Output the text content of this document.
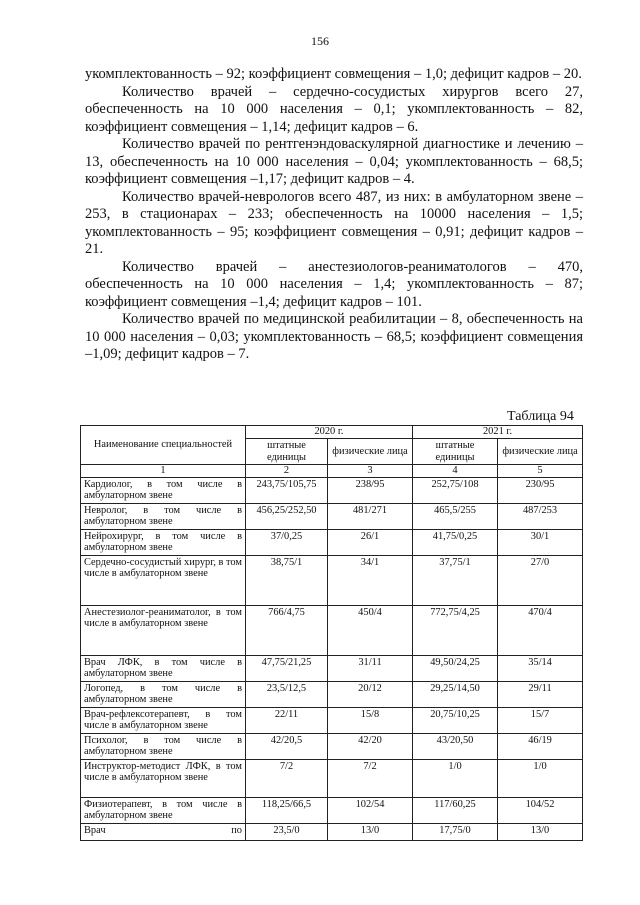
156

укомплектованность – 92; коэффициент совмещения – 1,0; дефицит кадров – 20.

Количество врачей – сердечно-сосудистых хирургов всего 27, обеспеченность на 10 000 населения – 0,1; укомплектованность – 82, коэффициент совмещения – 1,14; дефицит кадров – 6.

Количество врачей по рентгенэндоваскулярной диагностике и лечению – 13, обеспеченность на 10 000 населения – 0,04; укомплектованность – 68,5; коэффициент совмещения –1,17; дефицит кадров – 4.

Количество врачей-неврологов всего 487, из них: в амбулаторном звене – 253, в стационарах – 233; обеспеченность на 10000 населения – 1,5; укомплектованность – 95; коэффициент совмещения – 0,91; дефицит кадров – 21.

Количество врачей – анестезиологов-реаниматологов – 470, обеспеченность на 10 000 населения – 1,4; укомплектованность – 87; коэффициент совмещения –1,4; дефицит кадров – 101.

Количество врачей по медицинской реабилитации – 8, обеспеченность на 10 000 населения – 0,03; укомплектованность – 68,5; коэффициент совмещения –1,09; дефицит кадров – 7.

Таблица 94
Наименование специальностей	2020 г.		2021 г.	
	штатные единицы	физические лица	штатные единицы	физические лица
1	2	3	4	5
Кардиолог, в том числе в амбулаторном звене	243,75/105,75	238/95	252,75/108	230/95
Невролог, в том числе в амбулаторном звене	456,25/252,50	481/271	465,5/255	487/253
Нейрохирург, в том числе в амбулаторном звене	37/0,25	26/1	41,75/0,25	30/1
Сердечно-сосудистый хирург, в том числе в амбулаторном звене	38,75/1	34/1	37,75/1	27/0
Анестезиолог-реаниматолог, в том числе в амбулаторном звене	766/4,75	450/4	772,75/4,25	470/4
Врач ЛФК, в том числе в амбулаторном звене	47,75/21,25	31/11	49,50/24,25	35/14
Логопед, в том числе в амбулаторном звене	23,5/12,5	20/12	29,25/14,50	29/11
Врач-рефлексотерапевт, в том числе в амбулаторном звене	22/11	15/8	20,75/10,25	15/7
Психолог, в том числе в амбулаторном звене	42/20,5	42/20	43/20,50	46/19
Инструктор-методист ЛФК, в том числе в амбулаторном звене	7/2	7/2	1/0	1/0
Физиотерапевт, в том числе в амбулаторном звене	118,25/66,5	102/54	117/60,25	104/52

Врач по	23,5/0	13/0	17,75/0	13/0
